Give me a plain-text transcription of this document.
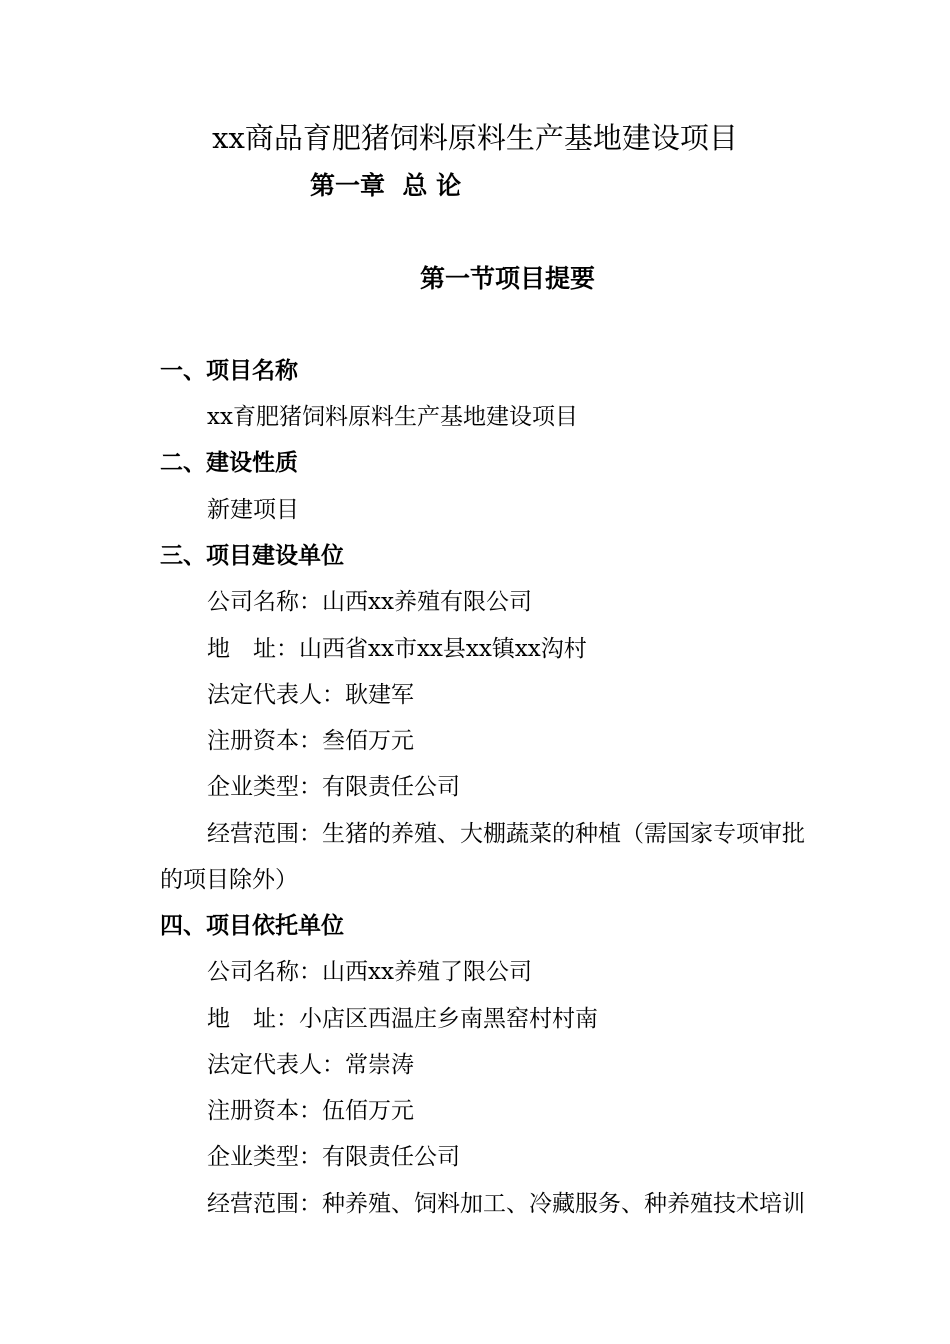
xx商品育肥猪饲料原料生产基地建设项目
第一章  总 论
第一节项目提要
一、项目名称
xx育肥猪饲料原料生产基地建设项目
二、建设性质
新建项目
三、项目建设单位
公司名称：山西xx养殖有限公司
地　址：山西省xx市xx县xx镇xx沟村
法定代表人：耿建军
注册资本：叁佰万元
企业类型：有限责任公司
经营范围：生猪的养殖、大棚蔬菜的种植（需国家专项审批
的项目除外）
四、项目依托单位
公司名称：山西xx养殖了限公司
地　址：小店区西温庄乡南黑窑村村南
法定代表人：常崇涛
注册资本：伍佰万元
企业类型：有限责任公司
经营范围：种养殖、饲料加工、冷藏服务、种养殖技术培训
